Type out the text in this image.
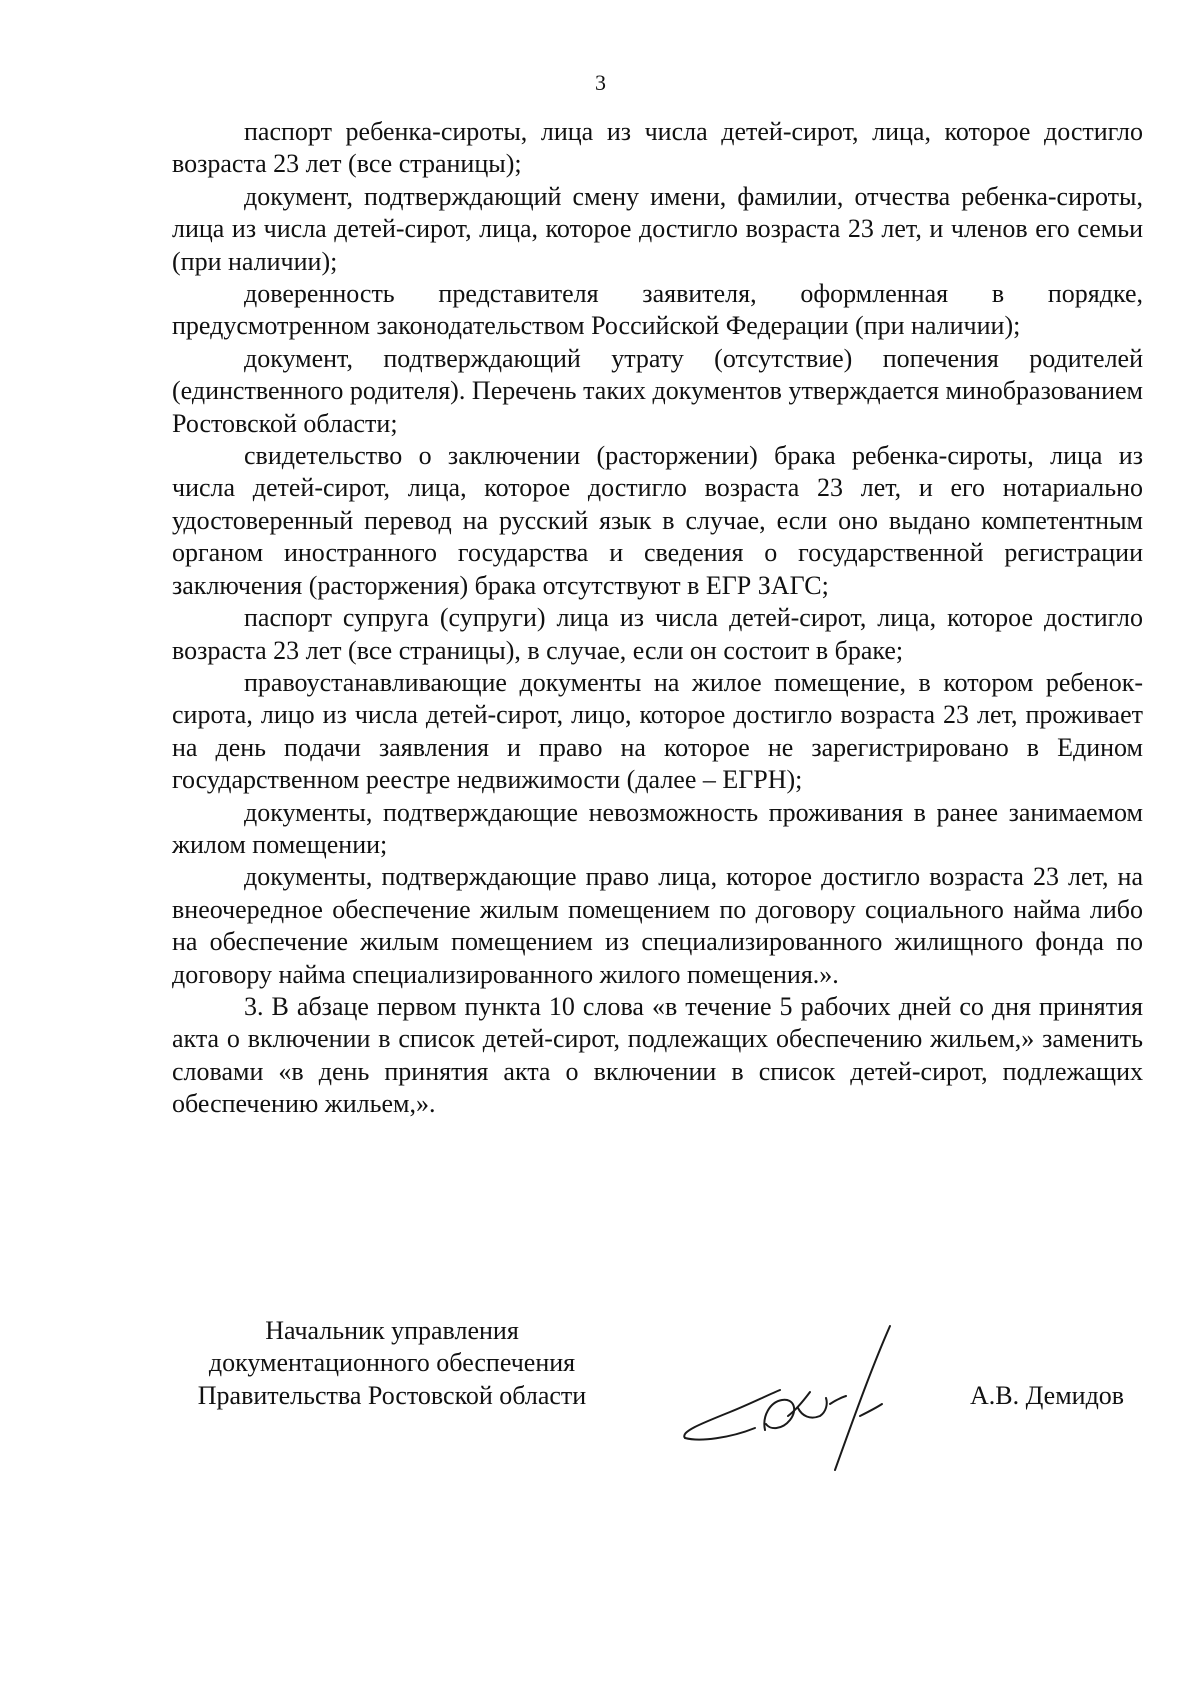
3

паспорт ребенка-сироты, лица из числа детей-сирот, лица, которое достигло возраста 23 лет (все страницы);

документ, подтверждающий смену имени, фамилии, отчества ребенка-сироты, лица из числа детей-сирот, лица, которое достигло возраста 23 лет, и членов его семьи (при наличии);

доверенность представителя заявителя, оформленная в порядке, предусмотренном законодательством Российской Федерации (при наличии);

документ, подтверждающий утрату (отсутствие) попечения родителей (единственного родителя). Перечень таких документов утверждается минобразованием Ростовской области;

свидетельство о заключении (расторжении) брака ребенка-сироты, лица из числа детей-сирот, лица, которое достигло возраста 23 лет, и его нотариально удостоверенный перевод на русский язык в случае, если оно выдано компетентным органом иностранного государства и сведения о государственной регистрации заключения (расторжения) брака отсутствуют в ЕГР ЗАГС;

паспорт супруга (супруги) лица из числа детей-сирот, лица, которое достигло возраста 23 лет (все страницы), в случае, если он состоит в браке;

правоустанавливающие документы на жилое помещение, в котором ребенок-сирота, лицо из числа детей-сирот, лицо, которое достигло возраста 23 лет, проживает на день подачи заявления и право на которое не зарегистрировано в Едином государственном реестре недвижимости (далее – ЕГРН);

документы, подтверждающие невозможность проживания в ранее занимаемом жилом помещении;

документы, подтверждающие право лица, которое достигло возраста 23 лет, на внеочередное обеспечение жилым помещением по договору социального найма либо на обеспечение жилым помещением из специализированного жилищного фонда по договору найма специализированного жилого помещения.».

3. В абзаце первом пункта 10 слова «в течение 5 рабочих дней со дня принятия акта о включении в список детей-сирот, подлежащих обеспечению жильем,» заменить словами «в день принятия акта о включении в список детей-сирот, подлежащих обеспечению жильем,».

Начальник управления
документационного обеспечения
Правительства Ростовской области	А.В. Демидов
